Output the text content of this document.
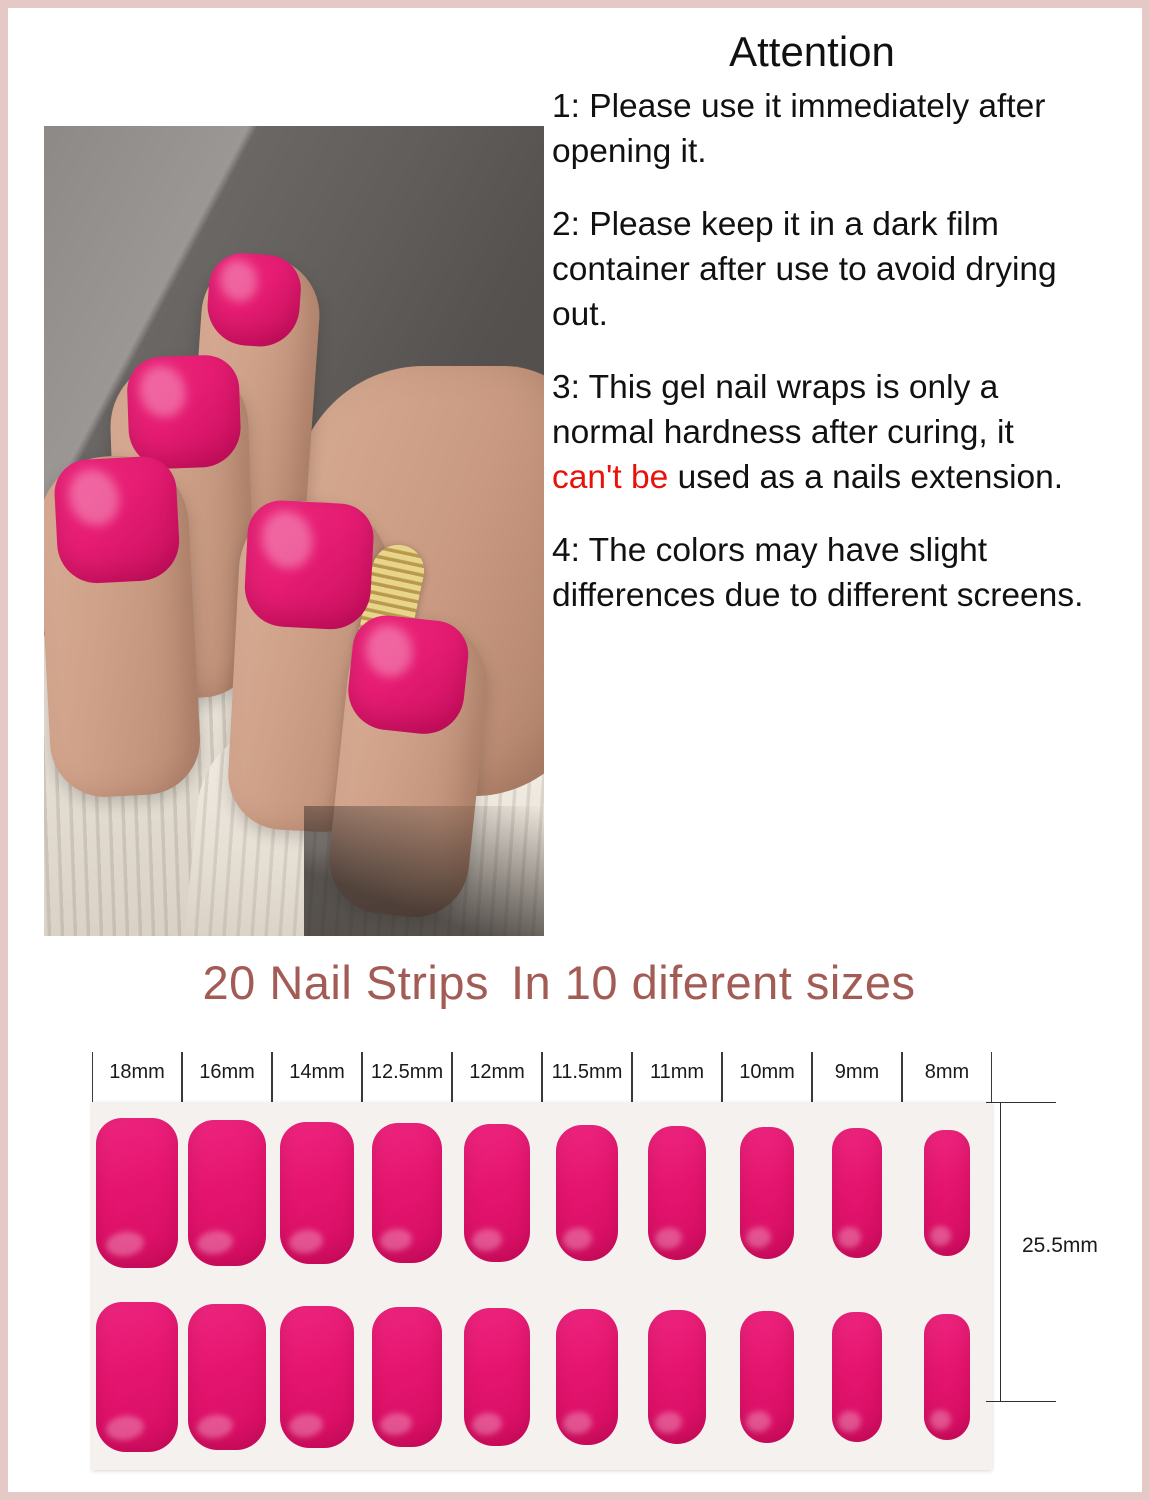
Attention

1: Please use it immediately after opening it.

2: Please keep it in a dark film container after use to avoid drying out.

3: This gel nail wraps is only a normal hardness after curing, it can't be used as a nails extension.

4: The colors may have slight differences due to different screens.

20 Nail Strips In 10 diferent sizes
18mm	16mm	14mm	12.5mm	12mm	11.5mm	11mm	10mm	9mm	8mm
25.5mm
